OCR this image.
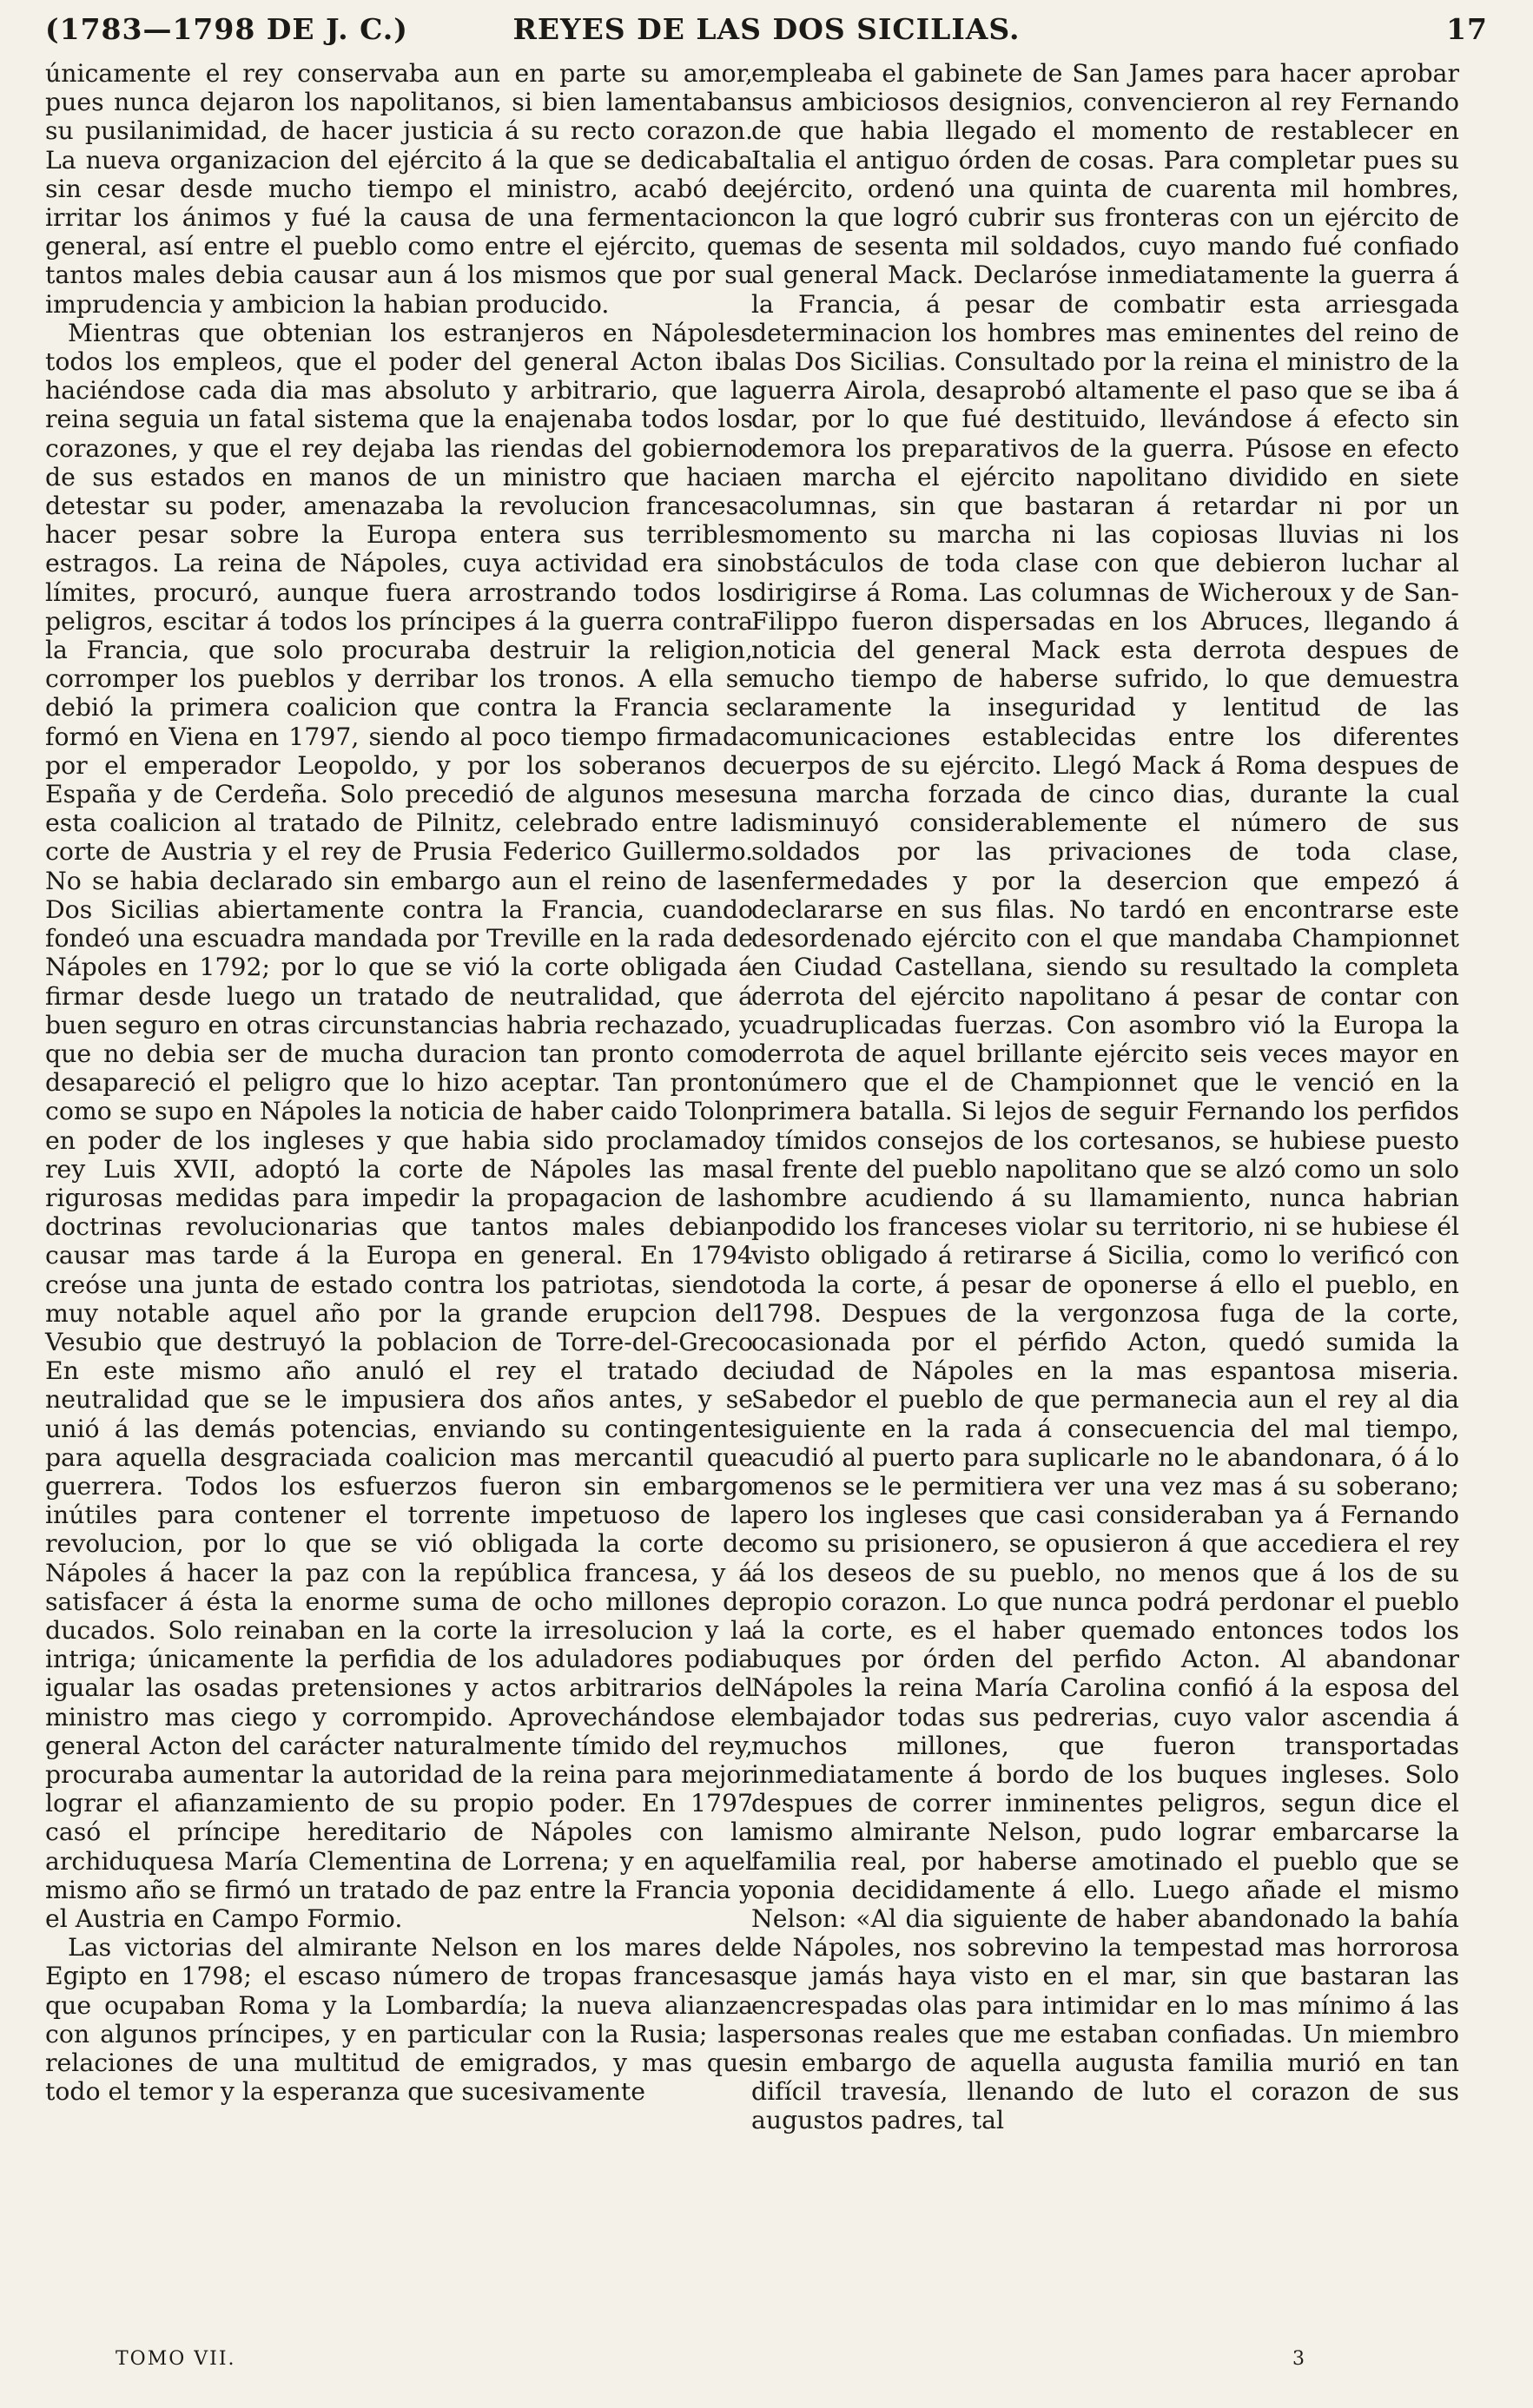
(1783—1798 DE J. C.)	REYES DE LAS DOS SICILIAS.	17

únicamente el rey conservaba aun en parte su amor, pues nunca dejaron los napolitanos, si bien lamentaban su pusilanimidad, de hacer justicia á su recto corazon. La nueva organizacion del ejército á la que se dedicaba sin cesar desde mucho tiempo el ministro, acabó de irritar los ánimos y fué la causa de una fermentacion general, así entre el pueblo como entre el ejército, que tantos males debia causar aun á los mismos que por su imprudencia y ambicion la habian producido.

Mientras que obtenian los estranjeros en Nápoles todos los empleos, que el poder del general Acton iba haciéndose cada dia mas absoluto y arbitrario, que la reina seguia un fatal sistema que la enajenaba todos los corazones, y que el rey dejaba las riendas del gobierno de sus estados en manos de un ministro que hacia detestar su poder, amenazaba la revolucion francesa hacer pesar sobre la Europa entera sus terribles estragos. La reina de Nápoles, cuya actividad era sin límites, procuró, aunque fuera arrostrando todos los peligros, escitar á todos los príncipes á la guerra contra la Francia, que solo procuraba destruir la religion, corromper los pueblos y derribar los tronos. A ella se debió la primera coalicion que contra la Francia se formó en Viena en 1797, siendo al poco tiempo firmada por el emperador Leopoldo, y por los soberanos de España y de Cerdeña. Solo precedió de algunos meses esta coalicion al tratado de Pilnitz, celebrado entre la corte de Austria y el rey de Prusia Federico Guillermo. No se habia declarado sin embargo aun el reino de las Dos Sicilias abiertamente contra la Francia, cuando fondeó una escuadra mandada por Treville en la rada de Nápoles en 1792; por lo que se vió la corte obligada á firmar desde luego un tratado de neutralidad, que á buen seguro en otras circunstancias habria rechazado, y que no debia ser de mucha duracion tan pronto como desapareció el peligro que lo hizo aceptar. Tan pronto como se supo en Nápoles la noticia de haber caido Tolon en poder de los ingleses y que habia sido proclamado rey Luis XVII, adoptó la corte de Nápoles las mas rigurosas medidas para impedir la propagacion de las doctrinas revolucionarias que tantos males debian causar mas tarde á la Europa en general. En 1794 creóse una junta de estado contra los patriotas, siendo muy notable aquel año por la grande erupcion del Vesubio que destruyó la poblacion de Torre-del-Greco En este mismo año anuló el rey el tratado de neutralidad que se le impusiera dos años antes, y se unió á las demás potencias, enviando su contingente para aquella desgraciada coalicion mas mercantil que guerrera. Todos los esfuerzos fueron sin embargo inútiles para contener el torrente impetuoso de la revolucion, por lo que se vió obligada la corte de Nápoles á hacer la paz con la república francesa, y á satisfacer á ésta la enorme suma de ocho millones de ducados. Solo reinaban en la corte la irresolucion y la intriga; únicamente la perfidia de los aduladores podia igualar las osadas pretensiones y actos arbitrarios del ministro mas ciego y corrompido. Aprovechándose el general Acton del carácter naturalmente tímido del rey, procuraba aumentar la autoridad de la reina para mejor lograr el afianzamiento de su propio poder. En 1797 casó el príncipe hereditario de Nápoles con la archiduquesa María Clementina de Lorrena; y en aquel mismo año se firmó un tratado de paz entre la Francia y el Austria en Campo Formio.

Las victorias del almirante Nelson en los mares del Egipto en 1798; el escaso número de tropas francesas que ocupaban Roma y la Lombardía; la nueva alianza con algunos príncipes, y en particular con la Rusia; las relaciones de una multitud de emigrados, y mas que todo el temor y la esperanza que sucesivamente

empleaba el gabinete de San James para hacer aprobar sus ambiciosos designios, convencieron al rey Fernando de que habia llegado el momento de restablecer en Italia el antiguo órden de cosas. Para completar pues su ejército, ordenó una quinta de cuarenta mil hombres, con la que logró cubrir sus fronteras con un ejército de mas de sesenta mil soldados, cuyo mando fué confiado al general Mack. Declaróse inmediatamente la guerra á la Francia, á pesar de combatir esta arriesgada determinacion los hombres mas eminentes del reino de las Dos Sicilias. Consultado por la reina el ministro de la guerra Airola, desaprobó altamente el paso que se iba á dar, por lo que fué destituido, llevándose á efecto sin demora los preparativos de la guerra. Púsose en efecto en marcha el ejército napolitano dividido en siete columnas, sin que bastaran á retardar ni por un momento su marcha ni las copiosas lluvias ni los obstáculos de toda clase con que debieron luchar al dirigirse á Roma. Las columnas de Wicheroux y de San-Filippo fueron dispersadas en los Abruces, llegando á noticia del general Mack esta derrota despues de mucho tiempo de haberse sufrido, lo que demuestra claramente la inseguridad y lentitud de las comunicaciones establecidas entre los diferentes cuerpos de su ejército. Llegó Mack á Roma despues de una marcha forzada de cinco dias, durante la cual disminuyó considerablemente el número de sus soldados por las privaciones de toda clase, enfermedades y por la desercion que empezó á declararse en sus filas. No tardó en encontrarse este desordenado ejército con el que mandaba Championnet en Ciudad Castellana, siendo su resultado la completa derrota del ejército napolitano á pesar de contar con cuadruplicadas fuerzas. Con asombro vió la Europa la derrota de aquel brillante ejército seis veces mayor en número que el de Championnet que le venció en la primera batalla. Si lejos de seguir Fernando los perfidos y tímidos consejos de los cortesanos, se hubiese puesto al frente del pueblo napolitano que se alzó como un solo hombre acudiendo á su llamamiento, nunca habrian podido los franceses violar su territorio, ni se hubiese él visto obligado á retirarse á Sicilia, como lo verificó con toda la corte, á pesar de oponerse á ello el pueblo, en 1798. Despues de la vergonzosa fuga de la corte, ocasionada por el pérfido Acton, quedó sumida la ciudad de Nápoles en la mas espantosa miseria. Sabedor el pueblo de que permanecia aun el rey al dia siguiente en la rada á consecuencia del mal tiempo, acudió al puerto para suplicarle no le abandonara, ó á lo menos se le permitiera ver una vez mas á su soberano; pero los ingleses que casi consideraban ya á Fernando como su prisionero, se opusieron á que accediera el rey á los deseos de su pueblo, no menos que á los de su propio corazon. Lo que nunca podrá perdonar el pueblo á la corte, es el haber quemado entonces todos los buques por órden del perfido Acton. Al abandonar Nápoles la reina María Carolina confió á la esposa del embajador todas sus pedrerias, cuyo valor ascendia á muchos millones, que fueron transportadas inmediatamente á bordo de los buques ingleses. Solo despues de correr inminentes peligros, segun dice el mismo almirante Nelson, pudo lograr embarcarse la familia real, por haberse amotinado el pueblo que se oponia decididamente á ello. Luego añade el mismo Nelson: «Al dia siguiente de haber abandonado la bahía de Nápoles, nos sobrevino la tempestad mas horrorosa que jamás haya visto en el mar, sin que bastaran las encrespadas olas para intimidar en lo mas mínimo á las personas reales que me estaban confiadas. Un miembro sin embargo de aquella augusta familia murió en tan difícil travesía, llenando de luto el corazon de sus augustos padres, tal

TOMO VII.	3
